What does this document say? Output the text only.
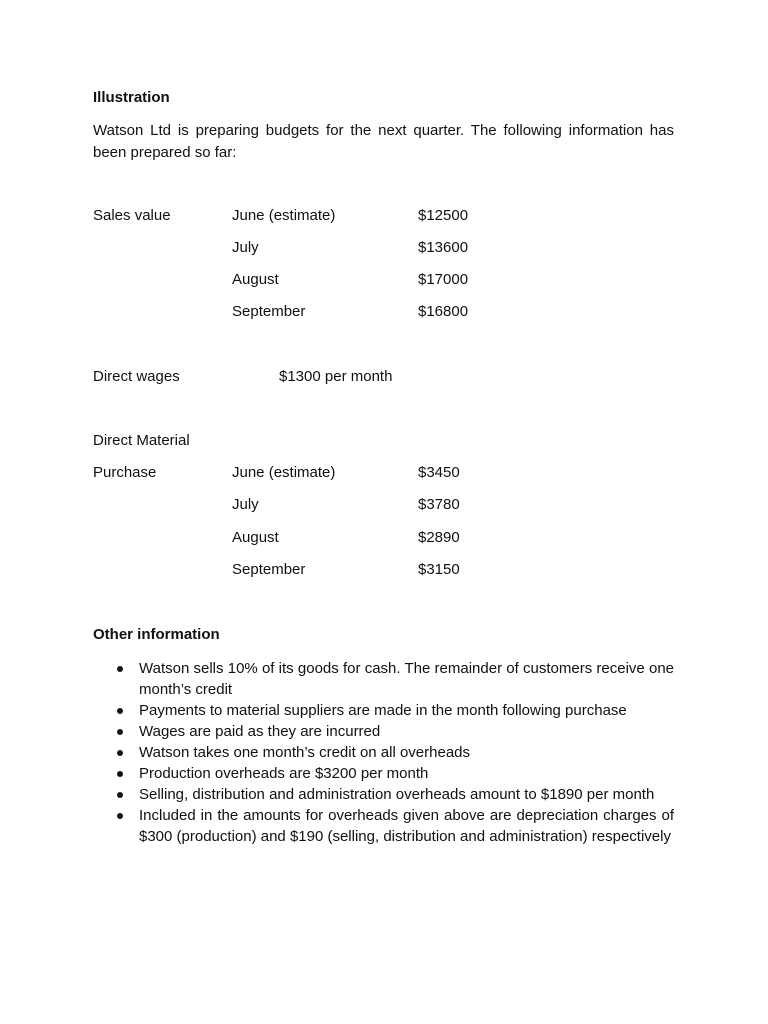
Illustration
Watson Ltd is preparing budgets for the next quarter. The following information has been prepared so far:
Sales value	June (estimate)	$12500
July	$13600
August	$17000
September	$16800
Direct wages	$1300 per month
Direct Material
Purchase	June (estimate)	$3450
July	$3780
August	$2890
September	$3150
Other information
Watson sells 10% of its goods for cash. The remainder of customers receive one month’s credit
Payments to material suppliers are made in the month following purchase
Wages are paid as they are incurred
Watson takes one month’s credit on all overheads
Production overheads are $3200 per month
Selling, distribution and administration overheads amount to $1890 per month
Included in the amounts for overheads given above are depreciation charges of $300 (production) and $190 (selling, distribution and administration) respectively
